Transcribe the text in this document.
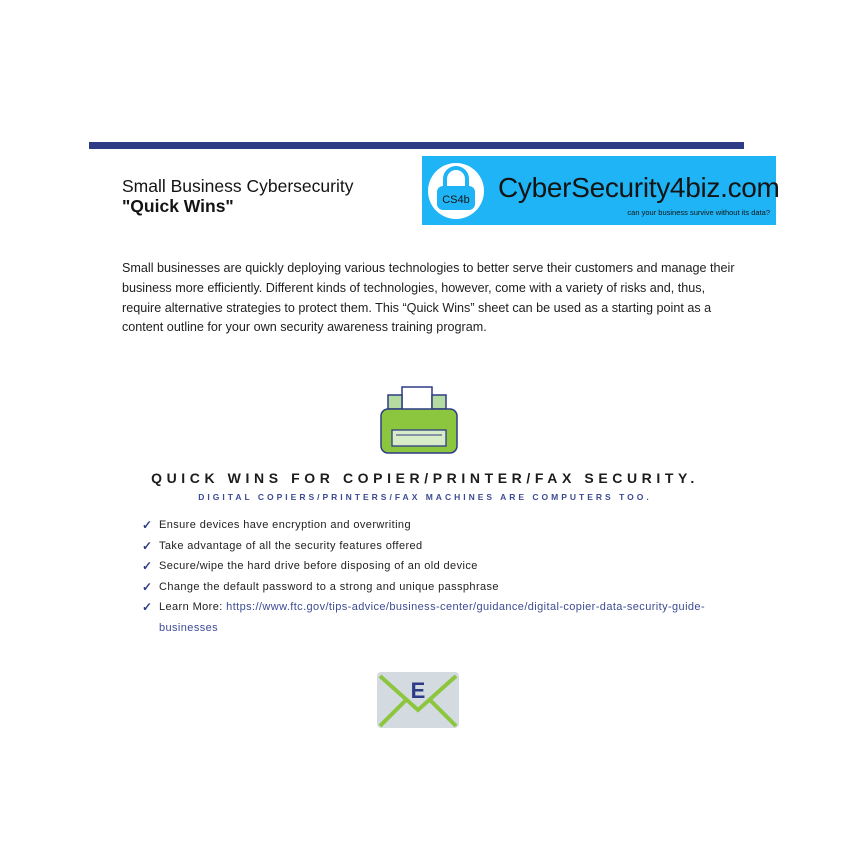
Small Business Cybersecurity
"Quick Wins"	CS4b CyberSecurity4biz.com
can your business survive without its data?
Small businesses are quickly deploying various technologies to better serve their customers and manage their business more efficiently. Different kinds of technologies, however, come with a variety of risks and, thus, require alternative strategies to protect them. This “Quick Wins” sheet can be used as a starting point as a content outline for your own security awareness training program.
QUICK WINS FOR COPIER/PRINTER/FAX SECURITY.
DIGITAL COPIERS/PRINTERS/FAX MACHINES ARE COMPUTERS TOO.
✓ Ensure devices have encryption and overwriting
✓ Take advantage of all the security features offered
✓ Secure/wipe the hard drive before disposing of an old device
✓ Change the default password to a strong and unique passphrase
✓ Learn More: https://www.ftc.gov/tips-advice/business-center/guidance/digital-copier-data-security-guide-businesses
E
